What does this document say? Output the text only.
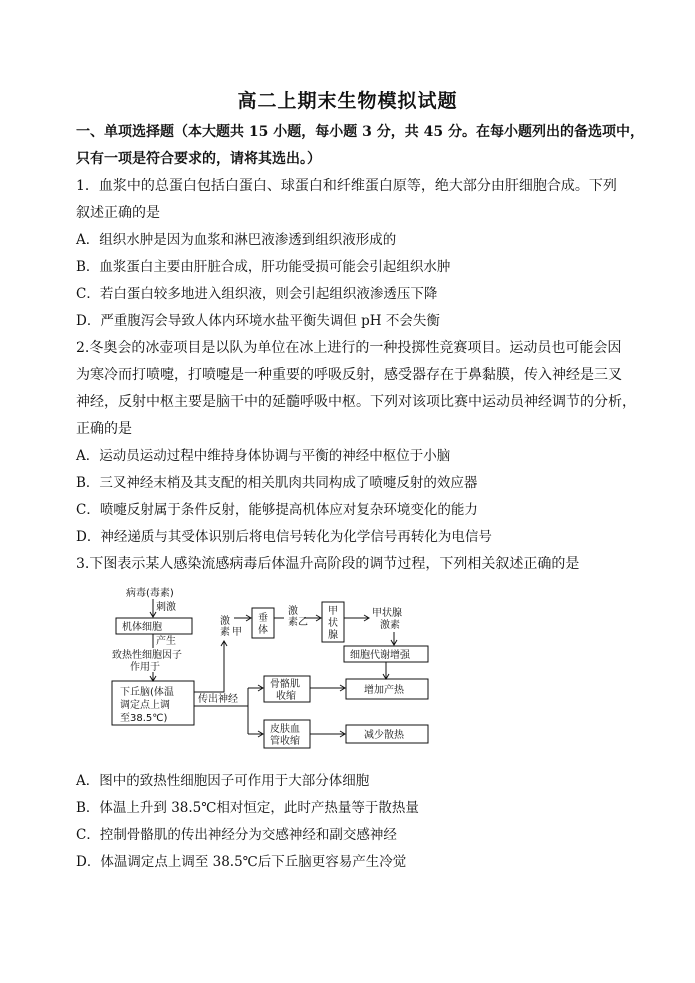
高二上期末生物模拟试题
一、单项选择题（本大题共 15 小题，每小题 3 分，共 45 分。在每小题列出的备选项中，
只有一项是符合要求的，请将其选出。）
1．血浆中的总蛋白包括白蛋白、球蛋白和纤维蛋白原等，绝大部分由肝细胞合成。下列
叙述正确的是
A．组织水肿是因为血浆和淋巴液渗透到组织液形成的
B．血浆蛋白主要由肝脏合成，肝功能受损可能会引起组织水肿
C．若白蛋白较多地进入组织液，则会引起组织液渗透压下降
D．严重腹泻会导致人体内环境水盐平衡失调但 pH 不会失衡
2.冬奥会的冰壶项目是以队为单位在冰上进行的一种投掷性竞赛项目。运动员也可能会因
为寒冷而打喷嚏，打喷嚏是一种重要的呼吸反射，感受器存在于鼻黏膜，传入神经是三叉
神经，反射中枢主要是脑干中的延髓呼吸中枢。下列对该项比赛中运动员神经调节的分析，
正确的是
A．运动员运动过程中维持身体协调与平衡的神经中枢位于小脑
B．三叉神经末梢及其支配的相关肌肉共同构成了喷嚏反射的效应器
C．喷嚏反射属于条件反射，能够提高机体应对复杂环境变化的能力
D．神经递质与其受体识别后将电信号转化为化学信号再转化为电信号
3.下图表示某人感染流感病毒后体温升高阶段的调节过程，下列相关叙述正确的是
病毒(毒素)
刺激
机体细胞
产生
致热性细胞因子
作用于
下丘脑(体温
调定点上调
至38.5℃)
激
素 甲
垂
体
激
素 乙
甲
状
腺
甲状腺
激素
细胞代谢增强
传出神经
骨骼肌
收缩
增加产热
皮肤血
管收缩
减少散热
A．图中的致热性细胞因子可作用于大部分体细胞
B．体温上升到 38.5℃相对恒定，此时产热量等于散热量
C．控制骨骼肌的传出神经分为交感神经和副交感神经
D．体温调定点上调至 38.5℃后下丘脑更容易产生冷觉
